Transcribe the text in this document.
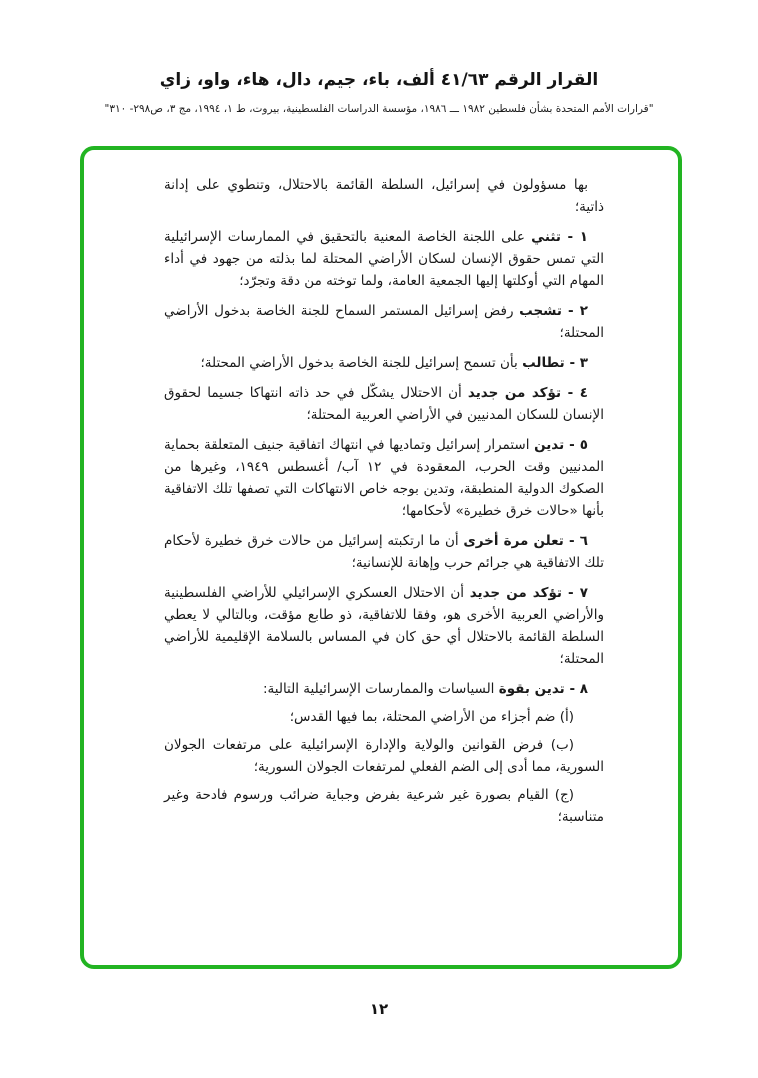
القرار الرقم ٤١/٦٣ ألف، باء، جيم، دال، هاء، واو، زاي
"قرارات الأمم المتحدة بشأن فلسطين ١٩٨٢ ـــ ١٩٨٦، مؤسسة الدراسات الفلسطينية، بيروت، ط ١، ١٩٩٤، مج ٣، ص٢٩٨- ٣١٠"

بها مسؤولون في إسرائيل، السلطة القائمة بالاحتلال، وتنطوي على إدانة ذاتية؛

١ - تثني على اللجنة الخاصة المعنية بالتحقيق في الممارسات الإسرائيلية التي تمس حقوق الإنسان لسكان الأراضي المحتلة لما بذلته من جهود في أداء المهام التي أوكلتها إليها الجمعية العامة، ولما توخته من دقة وتجرّد؛

٢ - تشجب رفض إسرائيل المستمر السماح للجنة الخاصة بدخول الأراضي المحتلة؛

٣ - تطالب بأن تسمح إسرائيل للجنة الخاصة بدخول الأراضي المحتلة؛

٤ - تؤكد من جديد أن الاحتلال يشكّل في حد ذاته انتهاكا جسيما لحقوق الإنسان للسكان المدنيين في الأراضي العربية المحتلة؛

٥ - تدين استمرار إسرائيل وتماديها في انتهاك اتفاقية جنيف المتعلقة بحماية المدنيين وقت الحرب، المعقودة في ١٢ آب/ أغسطس ١٩٤٩، وغيرها من الصكوك الدولية المنطبقة، وتدين بوجه خاص الانتهاكات التي تصفها تلك الاتفاقية بأنها «حالات خرق خطيرة» لأحكامها؛

٦ - تعلن مرة أخرى أن ما ارتكبته إسرائيل من حالات خرق خطيرة لأحكام تلك الاتفاقية هي جرائم حرب وإهانة للإنسانية؛

٧ - تؤكد من جديد أن الاحتلال العسكري الإسرائيلي للأراضي الفلسطينية والأراضي العربية الأخرى هو، وفقا للاتفاقية، ذو طابع مؤقت، وبالتالي لا يعطي السلطة القائمة بالاحتلال أي حق كان في المساس بالسلامة الإقليمية للأراضي المحتلة؛

٨ - تدين بقوة السياسات والممارسات الإسرائيلية التالية:

(أ) ضم أجزاء من الأراضي المحتلة، بما فيها القدس؛

(ب) فرض القوانين والولاية والإدارة الإسرائيلية على مرتفعات الجولان السورية، مما أدى إلى الضم الفعلي لمرتفعات الجولان السورية؛

(ج) القيام بصورة غير شرعية بفرض وجباية ضرائب ورسوم فادحة وغير متناسبة؛

١٢
